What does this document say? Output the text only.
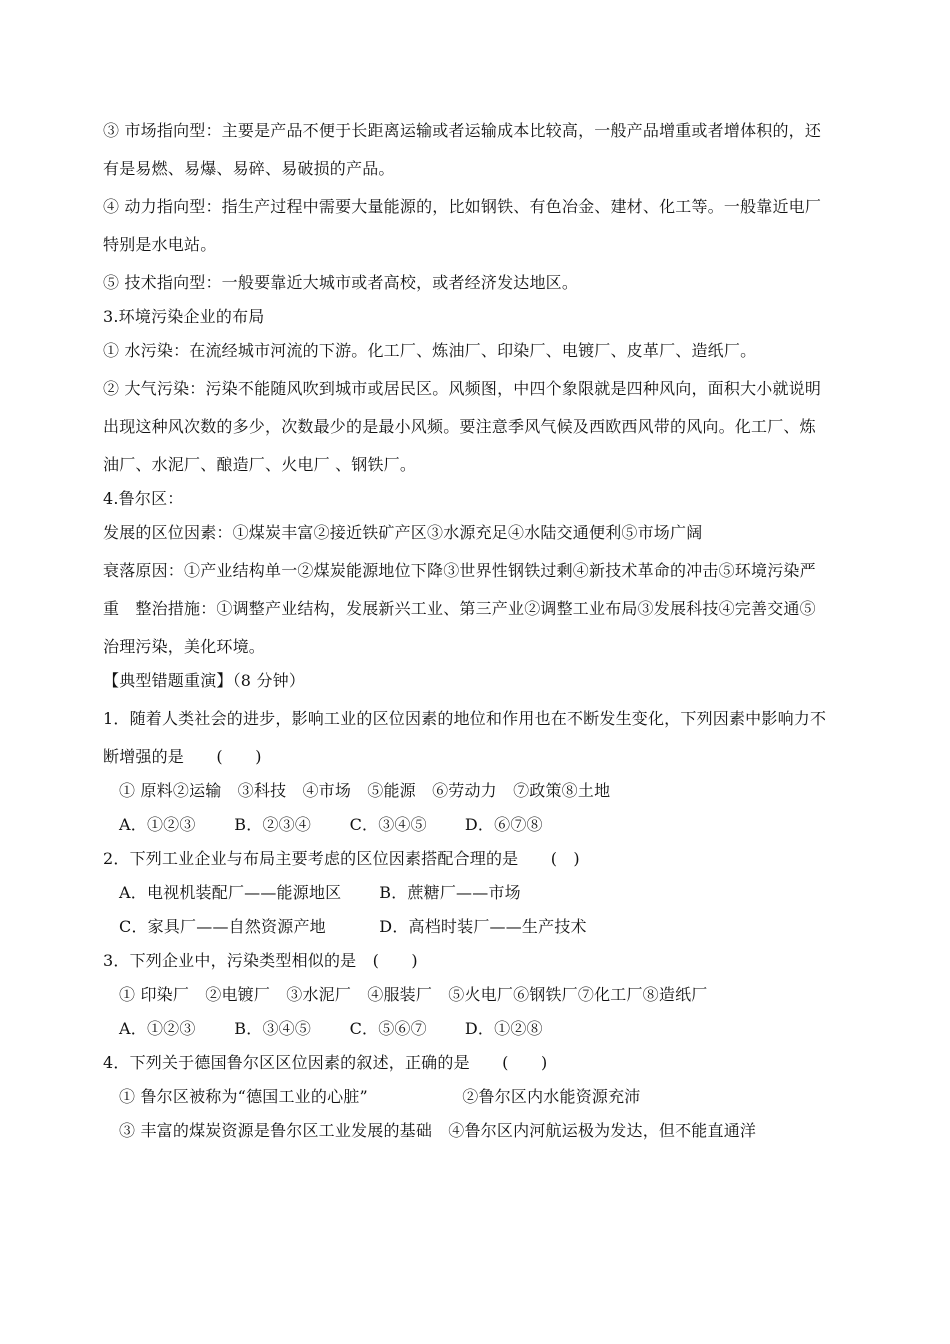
③ 市场指向型：主要是产品不便于长距离运输或者运输成本比较高，一般产品增重或者增体积的，还
有是易燃、易爆、易碎、易破损的产品。
④ 动力指向型：指生产过程中需要大量能源的，比如钢铁、有色冶金、建材、化工等。一般靠近电厂
特别是水电站。
⑤ 技术指向型：一般要靠近大城市或者高校，或者经济发达地区。
3.环境污染企业的布局
① 水污染：在流经城市河流的下游。化工厂、炼油厂、印染厂、电镀厂、皮革厂、造纸厂。
② 大气污染：污染不能随风吹到城市或居民区。风频图，中四个象限就是四种风向，面积大小就说明
出现这种风次数的多少，次数最少的是最小风频。要注意季风气候及西欧西风带的风向。化工厂、炼
油厂、水泥厂、酿造厂、火电厂 、钢铁厂。
4.鲁尔区：
发展的区位因素：①煤炭丰富②接近铁矿产区③水源充足④水陆交通便利⑤市场广阔
衰落原因：①产业结构单一②煤炭能源地位下降③世界性钢铁过剩④新技术革命的冲击⑤环境污染严
重　整治措施：①调整产业结构，发展新兴工业、第三产业②调整工业布局③发展科技④完善交通⑤
治理污染，美化环境。
【典型错题重演】（8 分钟）
1．随着人类社会的进步，影响工业的区位因素的地位和作用也在不断发生变化，下列因素中影响力不
断增强的是　　(　　)
① 原料②运输　③科技　④市场　⑤能源　⑥劳动力　⑦政策⑧土地
A．①②③ B．②③④ C．③④⑤ D．⑥⑦⑧
2．下列工业企业与布局主要考虑的区位因素搭配合理的是　　(　)
A．电视机装配厂——能源地区 B．蔗糖厂——市场
C．家具厂——自然资源产地	D．高档时装厂——生产技术
3．下列企业中，污染类型相似的是　(　　)
① 印染厂　②电镀厂　③水泥厂　④服装厂　⑤火电厂⑥钢铁厂⑦化工厂⑧造纸厂
A．①②③ B．③④⑤ C．⑤⑥⑦ D．①②⑧
4．下列关于德国鲁尔区区位因素的叙述，正确的是　　(　　)
① 鲁尔区被称为“德国工业的心脏”	②鲁尔区内水能资源充沛
③ 丰富的煤炭资源是鲁尔区工业发展的基础　 ④鲁尔区内河航运极为发达，但不能直通洋
